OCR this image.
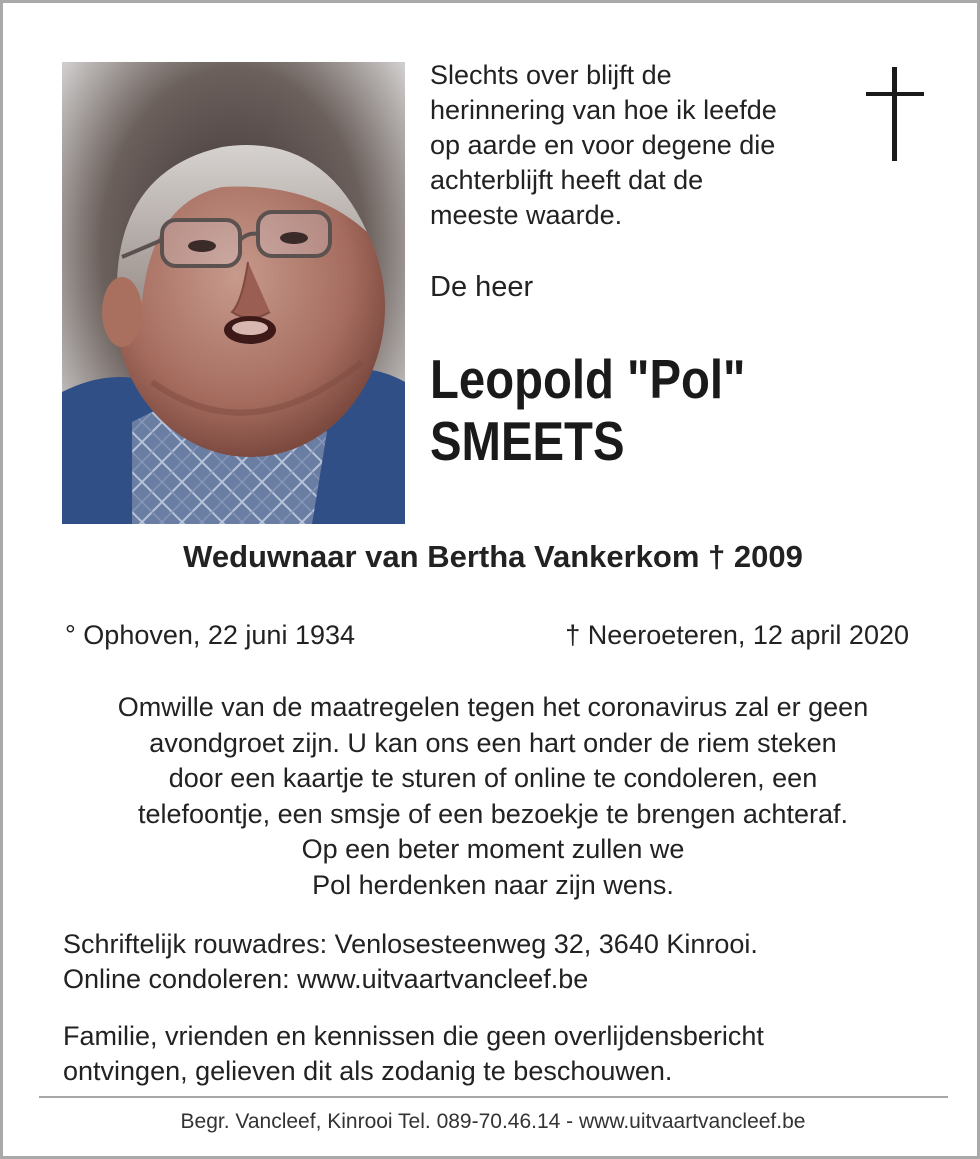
Slechts over blijft de
herinnering van hoe ik leefde
op aarde en voor degene die
achterblijft heeft dat de
meeste waarde.
De heer
Leopold "Pol"
SMEETS
Weduwnaar van Bertha Vankerkom † 2009
° Ophoven, 22 juni 1934	† Neeroeteren, 12 april 2020
Omwille van de maatregelen tegen het coronavirus zal er geen
avondgroet zijn. U kan ons een hart onder de riem steken
door een kaartje te sturen of online te condoleren, een
telefoontje, een smsje of een bezoekje te brengen achteraf.
Op een beter moment zullen we
Pol herdenken naar zijn wens.
Schriftelijk rouwadres: Venlosesteenweg 32, 3640 Kinrooi.
Online condoleren: www.uitvaartvancleef.be
Familie, vrienden en kennissen die geen overlijdensbericht
ontvingen, gelieven dit als zodanig te beschouwen.
Begr. Vancleef, Kinrooi Tel. 089-70.46.14 - www.uitvaartvancleef.be
